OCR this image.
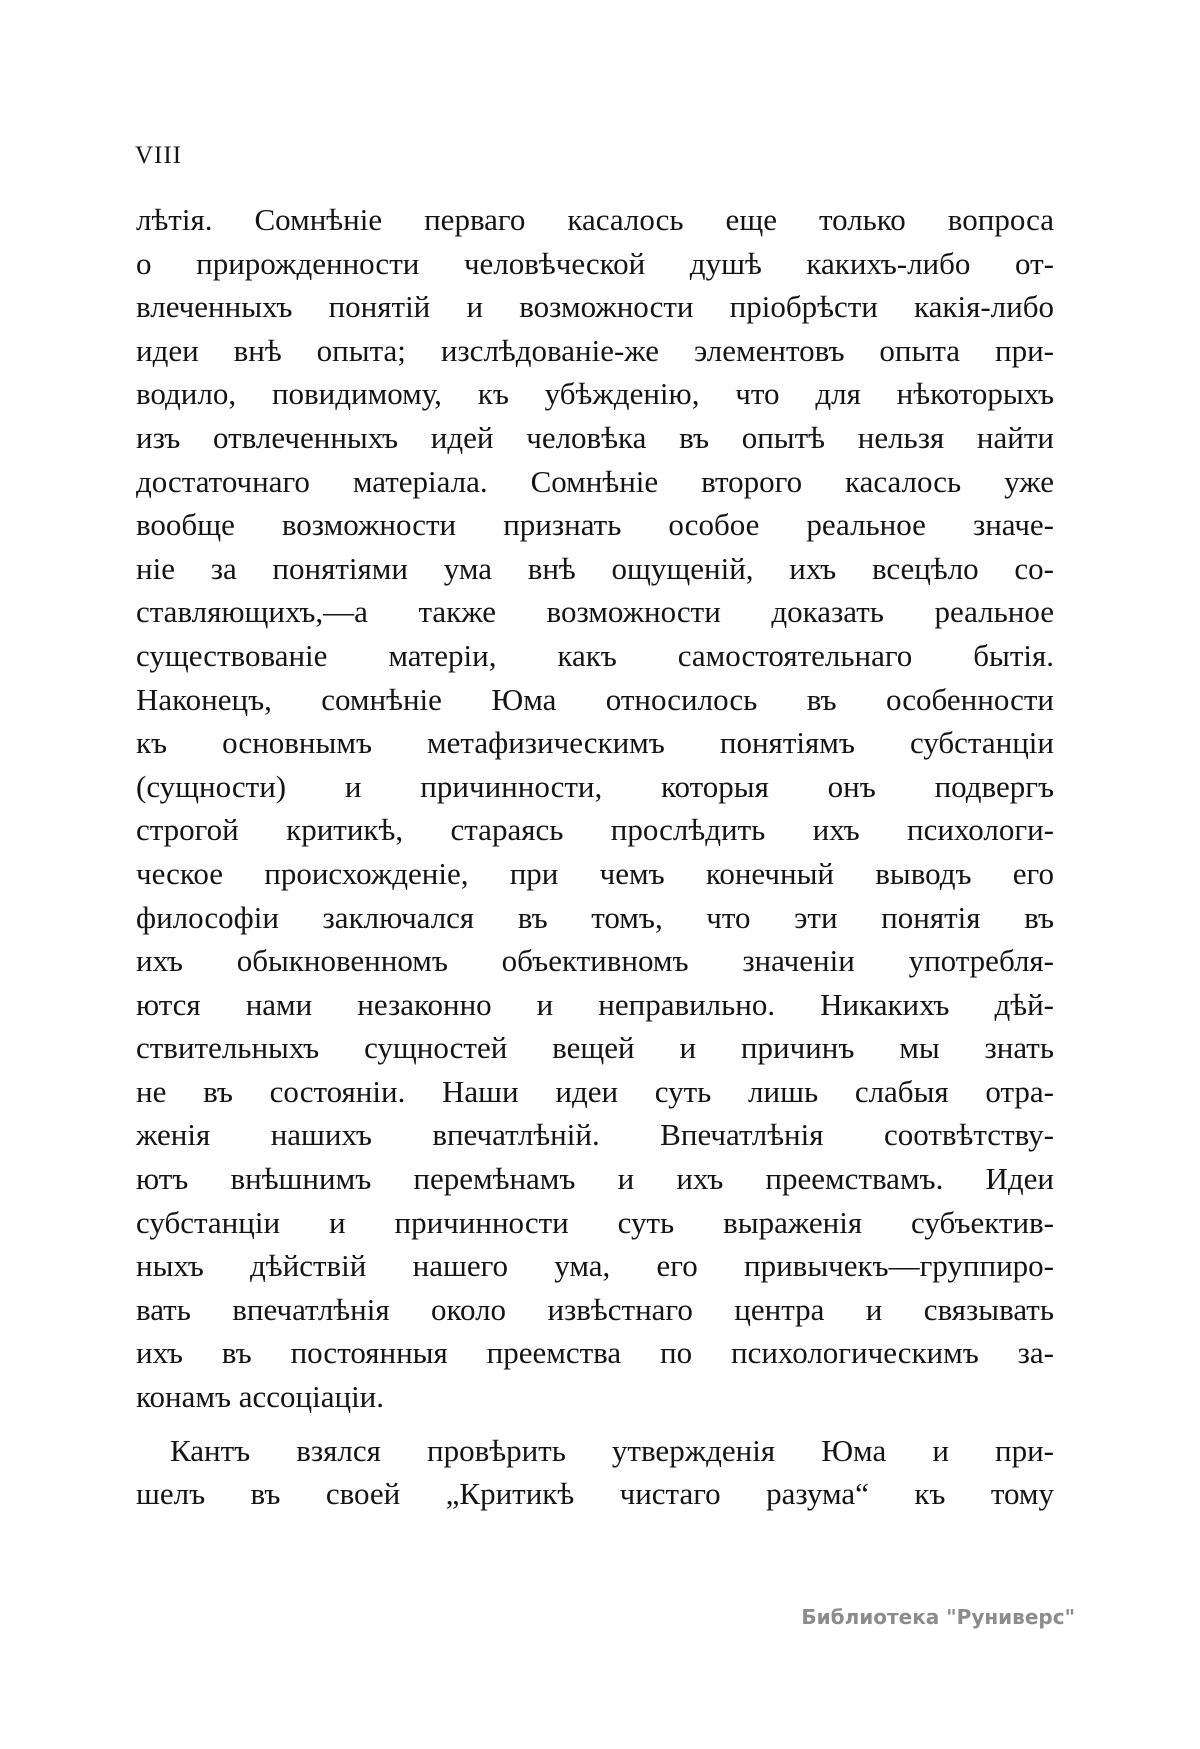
VIII
лѣтія. Сомнѣніе перваго касалось еще только вопроса
о прирожденности человѣческой душѣ какихъ-либо от-
влеченныхъ понятій и возможности пріобрѣсти какія-либо
идеи внѣ опыта; изслѣдованіе-же элементовъ опыта при-
водило, повидимому, къ убѣжденію, что для нѣкоторыхъ
изъ отвлеченныхъ идей человѣка въ опытѣ нельзя найти
достаточнаго матеріала. Сомнѣніе второго касалось уже
вообще возможности признать особое реальное значе-
ніе за понятіями ума внѣ ощущеній, ихъ всецѣло со-
ставляющихъ,—а также возможности доказать реальное
существованіе матеріи, какъ самостоятельнаго бытія.
Наконецъ, сомнѣніе Юма относилось въ особенности
къ основнымъ метафизическимъ понятіямъ субстанціи
(сущности) и причинности, которыя онъ подвергъ
строгой критикѣ, стараясь прослѣдить ихъ психологи-
ческое происхожденіе, при чемъ конечный выводъ его
философіи заключался въ томъ, что эти понятія въ
ихъ обыкновенномъ объективномъ значеніи употребля-
ются нами незаконно и неправильно. Никакихъ дѣй-
ствительныхъ сущностей вещей и причинъ мы знать
не въ состояніи. Наши идеи суть лишь слабыя отра-
женія нашихъ впечатлѣній. Впечатлѣнія соотвѣтству-
ютъ внѣшнимъ перемѣнамъ и ихъ преемствамъ. Идеи
субстанціи и причинности суть выраженія субъектив-
ныхъ дѣйствій нашего ума, его привычекъ—группиро-
вать впечатлѣнія около извѣстнаго центра и связывать
ихъ въ постоянныя преемства по психологическимъ за-
конамъ ассоціаціи.
Кантъ взялся провѣрить утвержденія Юма и при-
шелъ въ своей „Критикѣ чистаго разума“ къ тому
Библиотека "Руниверс"
